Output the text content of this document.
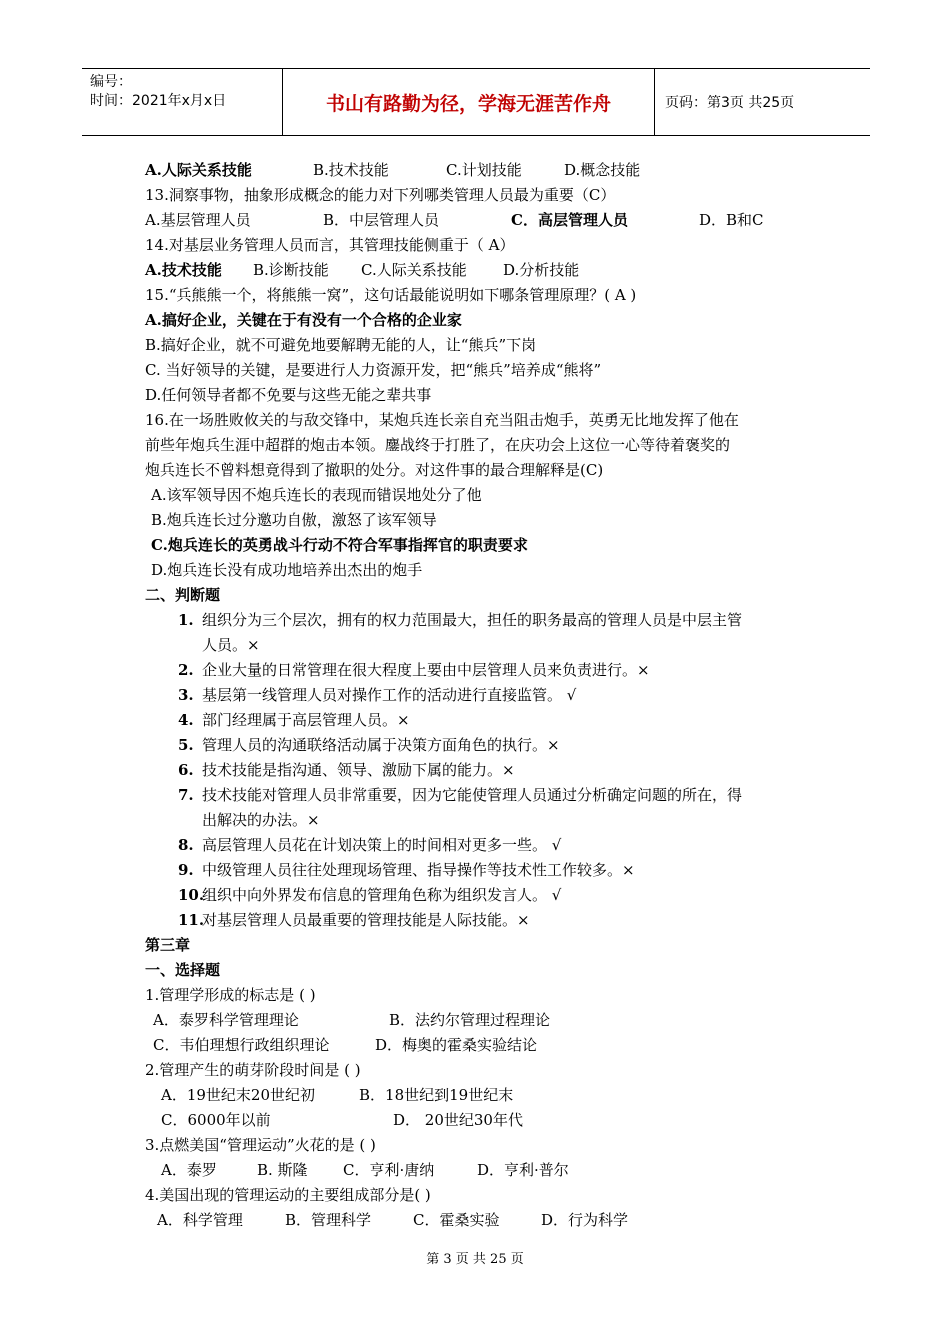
编号：
时间：2021年x月x日	书山有路勤为径，学海无涯苦作舟	页码：第3页 共25页
A.人际关系技能	B.技术技能	C.计划技能	D.概念技能
13.洞察事物，抽象形成概念的能力对下列哪类管理人员最为重要（C）
A.基层管理人员	B．中层管理人员	C．高层管理人员	D．B和C
14.对基层业务管理人员而言，其管理技能侧重于（ A）
A.技术技能 B.诊断技能 C.人际关系技能 D.分析技能
15.“兵熊熊一个，将熊熊一窝”，这句话最能说明如下哪条管理原理？( A )
A.搞好企业，关键在于有没有一个合格的企业家
B.搞好企业，就不可避免地要解聘无能的人，让“熊兵”下岗
C. 当好领导的关键，是要进行人力资源开发，把“熊兵”培养成“熊将”
D.任何领导者都不免要与这些无能之辈共事
16.在一场胜败攸关的与敌交锋中，某炮兵连长亲自充当阻击炮手，英勇无比地发挥了他在
前些年炮兵生涯中超群的炮击本领。鏖战终于打胜了，在庆功会上这位一心等待着褒奖的
炮兵连长不曾料想竟得到了撤职的处分。对这件事的最合理解释是(C)
A.该军领导因不炮兵连长的表现而错误地处分了他
B.炮兵连长过分邀功自傲，激怒了该军领导
C.炮兵连长的英勇战斗行动不符合军事指挥官的职责要求
D.炮兵连长没有成功地培养出杰出的炮手
二、判断题
1. 组织分为三个层次，拥有的权力范围最大，担任的职务最高的管理人员是中层主管
人员。×
2. 企业大量的日常管理在很大程度上要由中层管理人员来负责进行。×
3. 基层第一线管理人员对操作工作的活动进行直接监管。 √
4. 部门经理属于高层管理人员。×
5. 管理人员的沟通联络活动属于决策方面角色的执行。×
6. 技术技能是指沟通、领导、激励下属的能力。×
7. 技术技能对管理人员非常重要，因为它能使管理人员通过分析确定问题的所在，得
出解决的办法。×
8. 高层管理人员花在计划决策上的时间相对更多一些。 √
9. 中级管理人员往往处理现场管理、指导操作等技术性工作较多。×
10.
组织中向外界发布信息的管理角色称为组织发言人。 √
11.
对基层管理人员最重要的管理技能是人际技能。×
第三章
一、选择题
1.管理学形成的标志是 ( )
A．泰罗科学管理理论	B．法约尔管理过程理论
C．韦伯理想行政组织理论	D．梅奥的霍桑实验结论
2.管理产生的萌芽阶段时间是 ( )
A．19世纪末20世纪初	B．18世纪到19世纪末
C．6000年以前	D． 20世纪30年代
3.点燃美国“管理运动”火花的是 ( )
A．泰罗	B. 斯隆 C．亨利·唐纳	D．亨利·普尔
4.美国出现的管理运动的主要组成部分是( )
A．科学管理	B．管理科学	C．霍桑实验	D．行为科学
第 3 页 共 25 页
